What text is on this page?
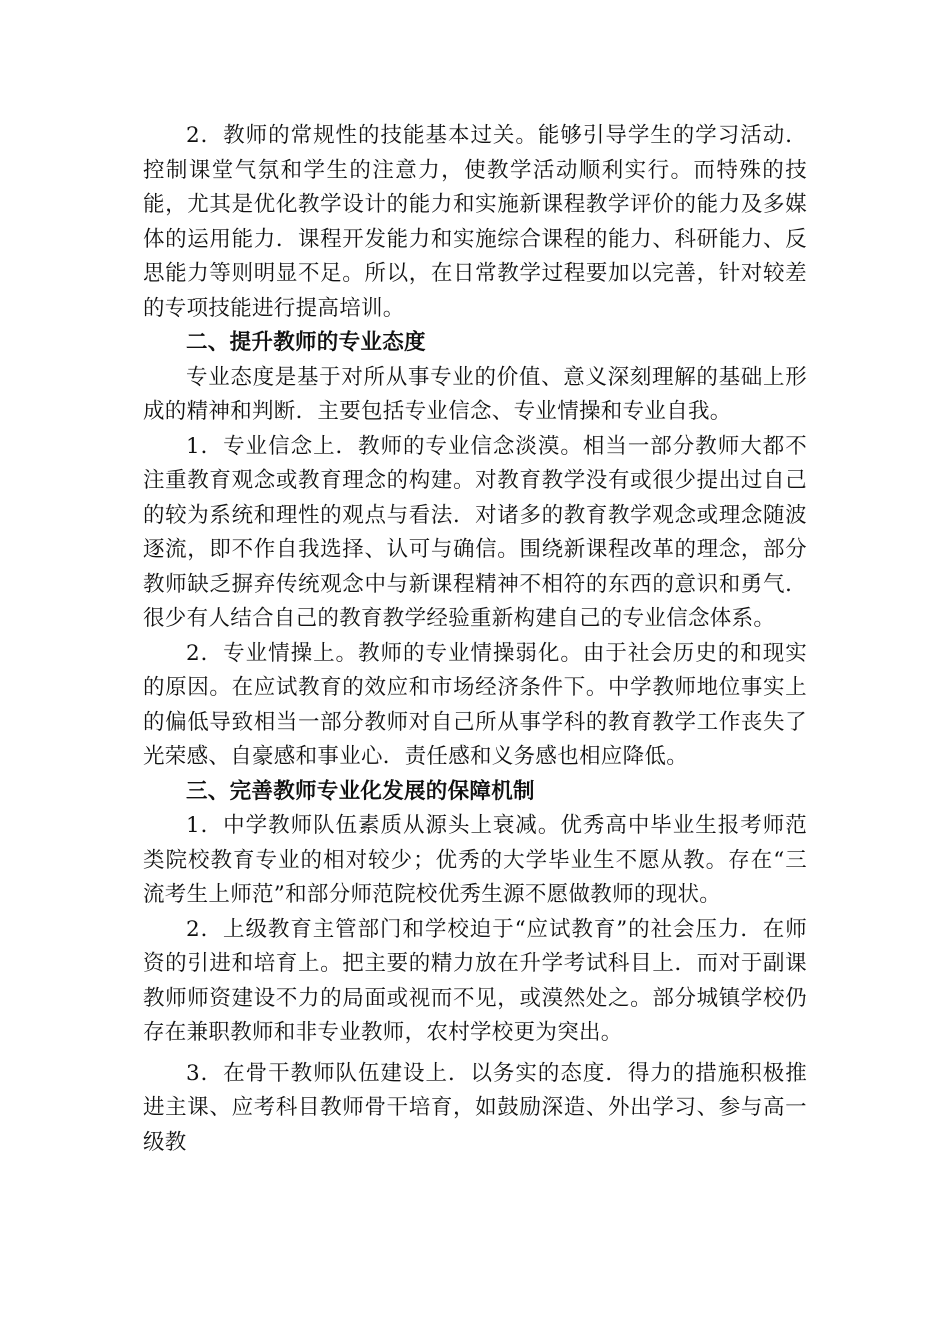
2．教师的常规性的技能基本过关。能够引导学生的学习活动．控制课堂气氛和学生的注意力，使教学活动顺利实行。而特殊的技能，尤其是优化教学设计的能力和实施新课程教学评价的能力及多媒体的运用能力．课程开发能力和实施综合课程的能力、科研能力、反思能力等则明显不足。所以，在日常教学过程要加以完善，针对较差的专项技能进行提高培训。

二、提升教师的专业态度

专业态度是基于对所从事专业的价值、意义深刻理解的基础上形成的精神和判断．主要包括专业信念、专业情操和专业自我。

1．专业信念上．教师的专业信念淡漠。相当一部分教师大都不注重教育观念或教育理念的构建。对教育教学没有或很少提出过自己的较为系统和理性的观点与看法．对诸多的教育教学观念或理念随波逐流，即不作自我选择、认可与确信。围绕新课程改革的理念，部分教师缺乏摒弃传统观念中与新课程精神不相符的东西的意识和勇气．很少有人结合自己的教育教学经验重新构建自己的专业信念体系。

2．专业情操上。教师的专业情操弱化。由于社会历史的和现实的原因。在应试教育的效应和市场经济条件下。中学教师地位事实上的偏低导致相当一部分教师对自己所从事学科的教育教学工作丧失了光荣感、自豪感和事业心．责任感和义务感也相应降低。

三、完善教师专业化发展的保障机制

1．中学教师队伍素质从源头上衰减。优秀高中毕业生报考师范类院校教育专业的相对较少；优秀的大学毕业生不愿从教。存在“三流考生上师范”和部分师范院校优秀生源不愿做教师的现状。

2．上级教育主管部门和学校迫于“应试教育”的社会压力．在师资的引进和培育上。把主要的精力放在升学考试科目上．而对于副课教师师资建设不力的局面或视而不见，或漠然处之。部分城镇学校仍存在兼职教师和非专业教师，农村学校更为突出。

3．在骨干教师队伍建设上．以务实的态度．得力的措施积极推进主课、应考科目教师骨干培育，如鼓励深造、外出学习、参与高一级教
